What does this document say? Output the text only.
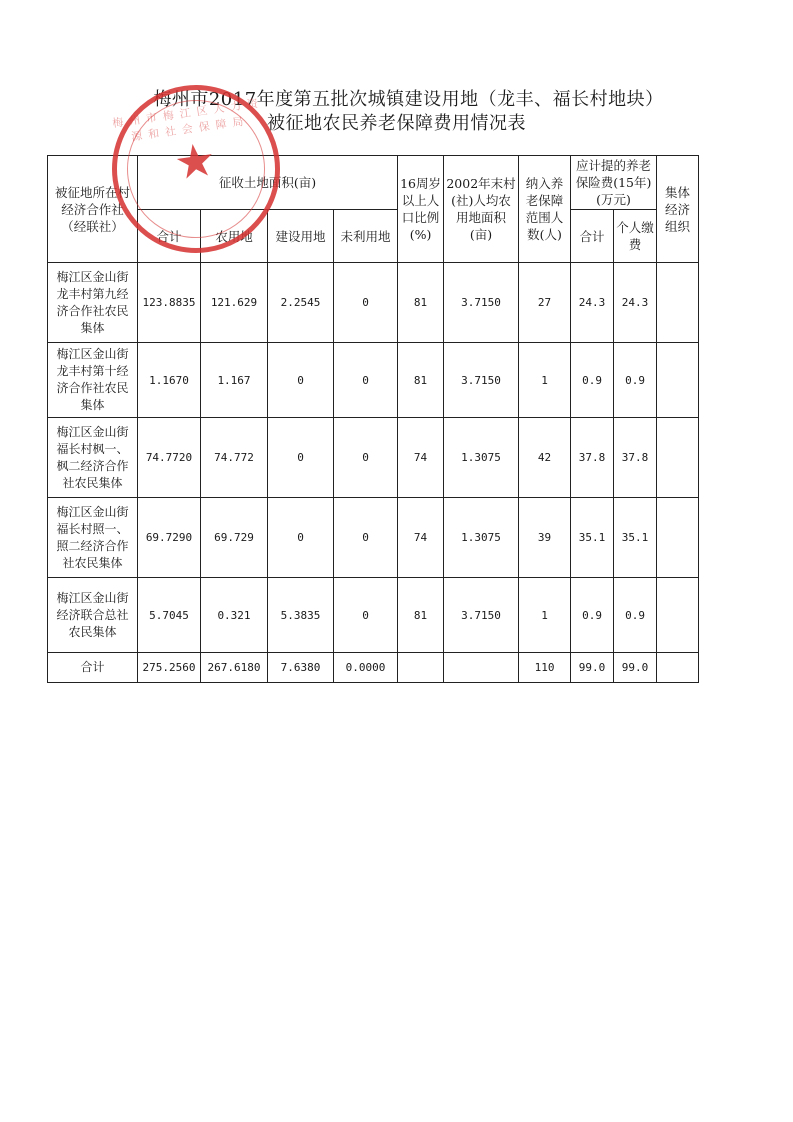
梅州市2017年度第五批次城镇建设用地（龙丰、福长村地块）
被征地农民养老保障费用情况表
梅州市梅江区人力资源和社会保障局
★
被征地所在村经济合作社（经联社）	征收土地面积(亩)				16周岁以上人口比例(%)	2002年末村(社)人均农用地面积(亩)	纳入养老保障范围人数(人)	应计提的养老保险费(15年)(万元)		集体经济组织
	合计	农用地	建设用地	未利用地				合计	个人缴费	
梅江区金山街龙丰村第九经济合作社农民集体	123.8835	121.629	2.2545	0	81	3.7150	27	24.3	24.3	
梅江区金山街龙丰村第十经济合作社农民集体	1.1670	1.167	0	0	81	3.7150	1	0.9	0.9	
梅江区金山街福长村枫一、枫二经济合作社农民集体	74.7720	74.772	0	0	74	1.3075	42	37.8	37.8	
梅江区金山街福长村照一、照二经济合作社农民集体	69.7290	69.729	0	0	74	1.3075	39	35.1	35.1	
梅江区金山街经济联合总社农民集体	5.7045	0.321	5.3835	0	81	3.7150	1	0.9	0.9	
合计	275.2560	267.6180	7.6380	0.0000			110	99.0	99.0	
